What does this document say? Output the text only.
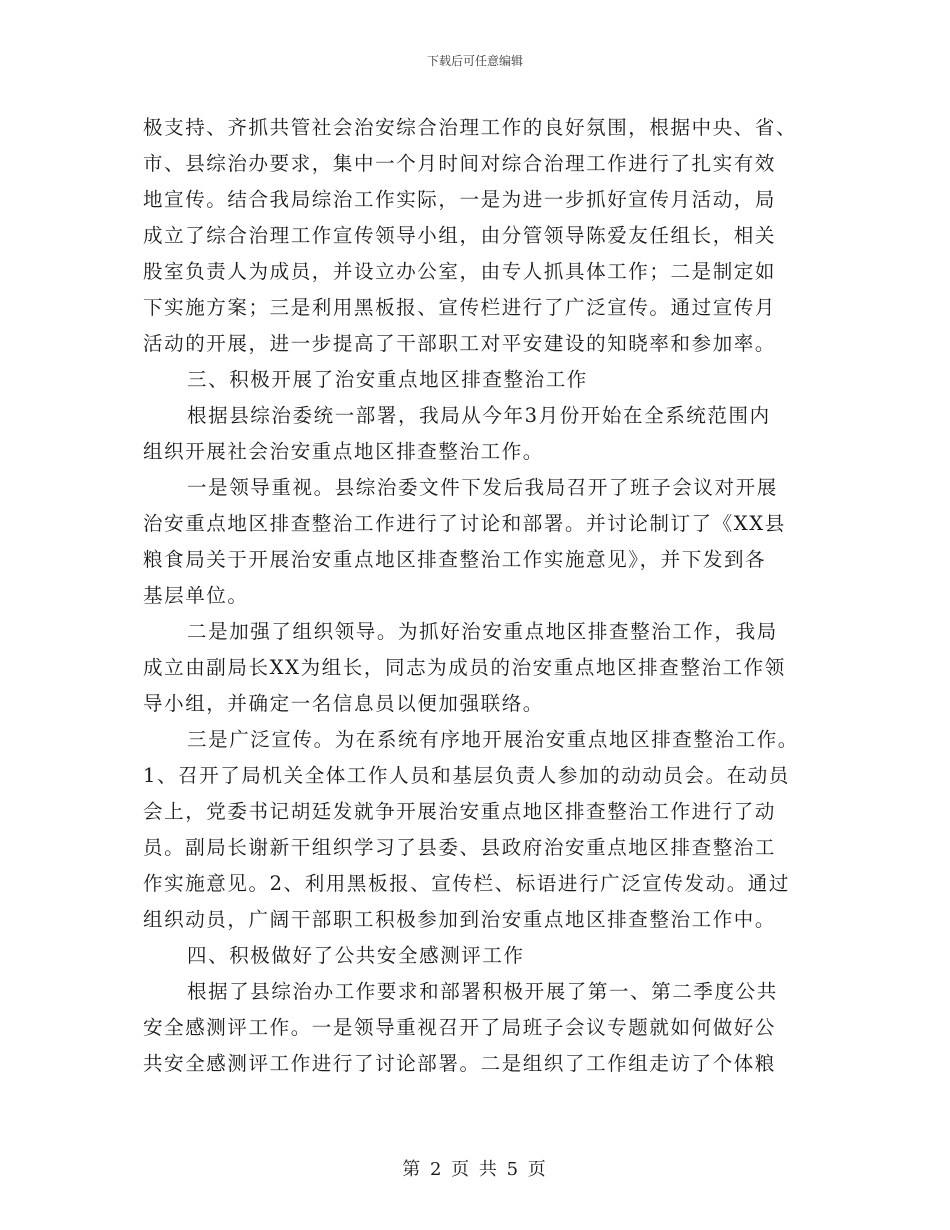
下载后可任意编辑
极支持、齐抓共管社会治安综合治理工作的良好氛围，根据中央、省、
市、县综治办要求，集中一个月时间对综合治理工作进行了扎实有效
地宣传。结合我局综治工作实际，一是为进一步抓好宣传月活动，局
成立了综合治理工作宣传领导小组，由分管领导陈爱友任组长，相关
股室负责人为成员，并设立办公室，由专人抓具体工作；二是制定如
下实施方案；三是利用黑板报、宣传栏进行了广泛宣传。通过宣传月
活动的开展，进一步提高了干部职工对平安建设的知晓率和参加率。
三、积极开展了治安重点地区排查整治工作
根据县综治委统一部署，我局从今年3月份开始在全系统范围内
组织开展社会治安重点地区排查整治工作。
一是领导重视。县综治委文件下发后我局召开了班子会议对开展
治安重点地区排查整治工作进行了讨论和部署。并讨论制订了《XX县
粮食局关于开展治安重点地区排查整治工作实施意见》，并下发到各
基层单位。
二是加强了组织领导。为抓好治安重点地区排查整治工作，我局
成立由副局长XX为组长，同志为成员的治安重点地区排查整治工作领
导小组，并确定一名信息员以便加强联络。
三是广泛宣传。为在系统有序地开展治安重点地区排查整治工作。
1、召开了局机关全体工作人员和基层负责人参加的动动员会。在动员
会上，党委书记胡廷发就争开展治安重点地区排查整治工作进行了动
员。副局长谢新干组织学习了县委、县政府治安重点地区排查整治工
作实施意见。2、利用黑板报、宣传栏、标语进行广泛宣传发动。通过
组织动员，广阔干部职工积极参加到治安重点地区排查整治工作中。
四、积极做好了公共安全感测评工作
根据了县综治办工作要求和部署积极开展了第一、第二季度公共
安全感测评工作。一是领导重视召开了局班子会议专题就如何做好公
共安全感测评工作进行了讨论部署。二是组织了工作组走访了个体粮
第 2 页 共 5 页
